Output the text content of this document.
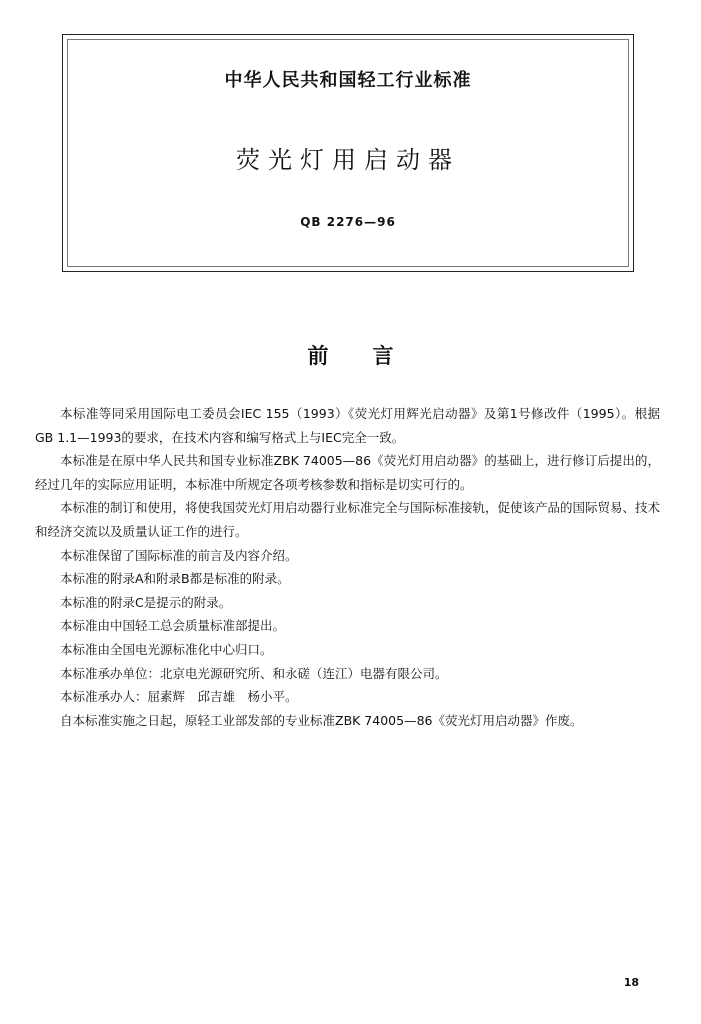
中华人民共和国轻工行业标准
荧光灯用启动器
QB 2276—96
前言

本标准等同采用国际电工委员会IEC 155（1993）《荧光灯用辉光启动器》及第1号修改件（1995）。根据GB 1.1—1993的要求，在技术内容和编写格式上与IEC完全一致。

本标准是在原中华人民共和国专业标准ZBK 74005—86《荧光灯用启动器》的基础上，进行修订后提出的，经过几年的实际应用证明，本标准中所规定各项考核参数和指标是切实可行的。

本标准的制订和使用，将使我国荧光灯用启动器行业标准完全与国际标准接轨，促使该产品的国际贸易、技术和经济交流以及质量认证工作的进行。

本标准保留了国际标准的前言及内容介绍。

本标准的附录A和附录B都是标准的附录。

本标准的附录C是提示的附录。

本标准由中国轻工总会质量标准部提出。

本标准由全国电光源标准化中心归口。

本标准承办单位：北京电光源研究所、和永磋（连江）电器有限公司。

本标准承办人：屈素辉　邱吉雄　杨小平。

自本标准实施之日起，原轻工业部发部的专业标准ZBK 74005—86《荧光灯用启动器》作废。

18
